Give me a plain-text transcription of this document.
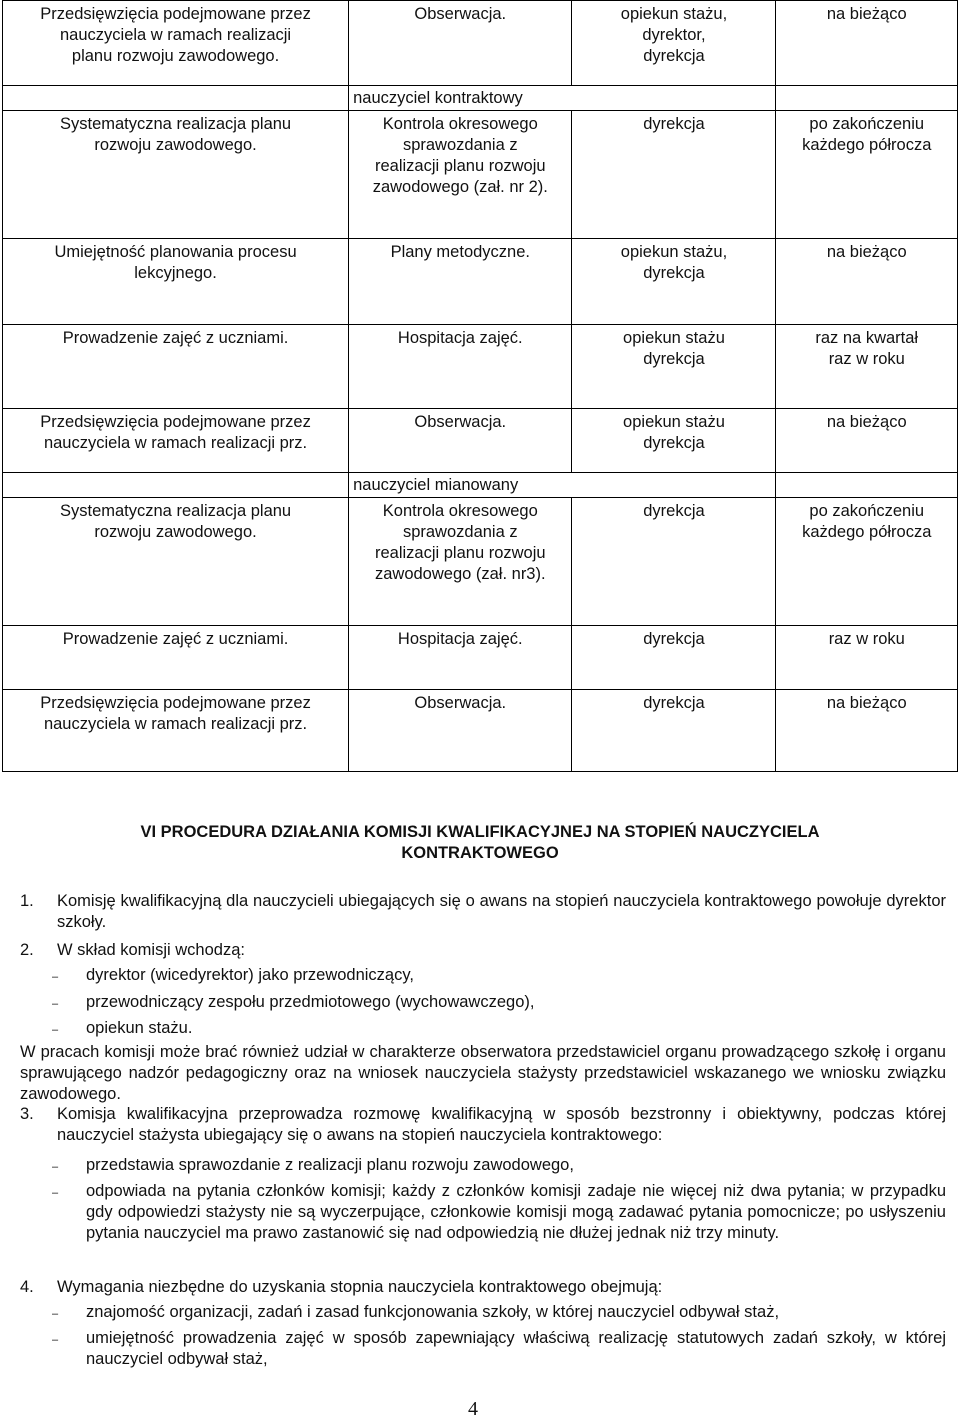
Przedsięwzięcia podejmowane przez
nauczyciela w ramach realizacji
planu rozwoju zawodowego.	Obserwacja.	opiekun stażu,
dyrektor,
dyrekcja	na bieżąco

	nauczyciel kontraktowy		

Systematyczna realizacja planu
rozwoju zawodowego.	Kontrola okresowego
sprawozdania z
realizacji planu rozwoju
zawodowego (zał. nr 2).	dyrekcja	po zakończeniu
każdego półrocza

Umiejętność planowania procesu
lekcyjnego.	Plany metodyczne.	opiekun stażu,
dyrekcja	na bieżąco

Prowadzenie zajęć z uczniami.	Hospitacja zajęć.	opiekun stażu
dyrekcja	raz na kwartał
raz w roku

Przedsięwzięcia podejmowane przez
nauczyciela w ramach realizacji prz.	Obserwacja.	opiekun stażu
dyrekcja	na bieżąco

	nauczyciel mianowany		

Systematyczna realizacja planu
rozwoju zawodowego.	Kontrola okresowego
sprawozdania z
realizacji planu rozwoju
zawodowego (zał. nr3).	dyrekcja	po zakończeniu
każdego półrocza

Prowadzenie zajęć z uczniami.	Hospitacja zajęć.	dyrekcja	raz w roku

Przedsięwzięcia podejmowane przez
nauczyciela w ramach realizacji prz.	Obserwacja.	dyrekcja	na bieżąco
VI PROCEDURA DZIAŁANIA KOMISJI KWALIFIKACYJNEJ NA STOPIEŃ NAUCZYCIELA
KONTRAKTOWEGO
1. Komisję kwalifikacyjną dla nauczycieli ubiegających się o awans na stopień nauczyciela kontraktowego powołuje dyrektor szkoły.
2. W skład komisji wchodzą:
– dyrektor (wicedyrektor) jako przewodniczący,
– przewodniczący zespołu przedmiotowego (wychowawczego),
– opiekun stażu.
W pracach komisji może brać również udział w charakterze obserwatora przedstawiciel organu prowadzącego szkołę i organu sprawującego nadzór pedagogiczny oraz na wniosek nauczyciela stażysty przedstawiciel wskazanego we wniosku związku zawodowego.
3. Komisja kwalifikacyjna przeprowadza rozmowę kwalifikacyjną w sposób bezstronny i obiektywny, podczas której nauczyciel stażysta ubiegający się o awans na stopień nauczyciela kontraktowego:
– przedstawia sprawozdanie z realizacji planu rozwoju zawodowego,
– odpowiada na pytania członków komisji; każdy z członków komisji zadaje nie więcej niż dwa pytania; w przypadku gdy odpowiedzi stażysty nie są wyczerpujące, członkowie komisji mogą zadawać pytania pomocnicze; po usłyszeniu pytania nauczyciel ma prawo zastanowić się nad odpowiedzią nie dłużej jednak niż trzy minuty.
4. Wymagania niezbędne do uzyskania stopnia nauczyciela kontraktowego obejmują:
– znajomość organizacji, zadań i zasad funkcjonowania szkoły, w której nauczyciel odbywał staż,
– umiejętność prowadzenia zajęć w sposób zapewniający właściwą realizację statutowych zadań szkoły, w której nauczyciel odbywał staż,
4
